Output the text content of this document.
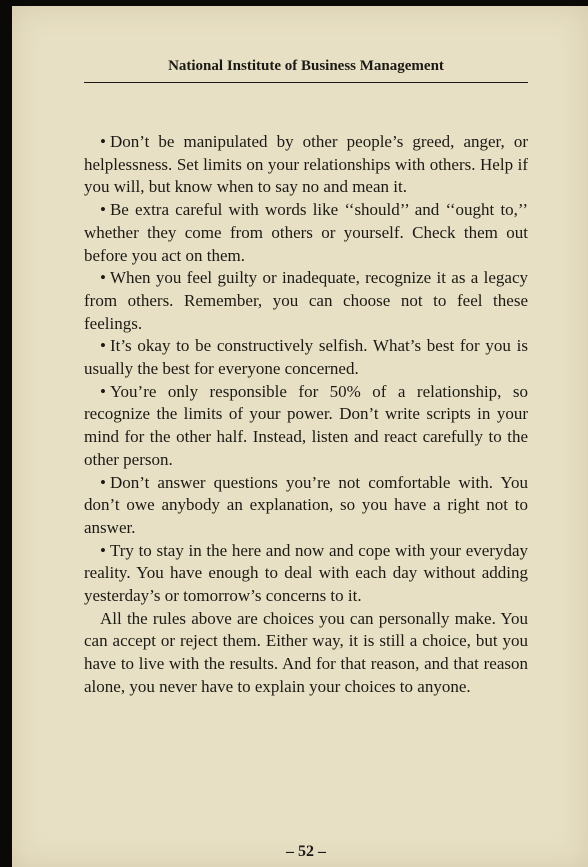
National Institute of Business Management

• Don’t be manipulated by other people’s greed, anger, or helplessness. Set limits on your relationships with others. Help if you will, but know when to say no and mean it.

• Be extra careful with words like ‘‘should’’ and ‘‘ought to,’’ whether they come from others or yourself. Check them out before you act on them.

• When you feel guilty or inadequate, recognize it as a legacy from others. Remember, you can choose not to feel these feelings.

• It’s okay to be constructively selfish. What’s best for you is usually the best for everyone concerned.

• You’re only responsible for 50% of a relationship, so recognize the limits of your power. Don’t write scripts in your mind for the other half. Instead, listen and react carefully to the other person.

• Don’t answer questions you’re not comfortable with. You don’t owe anybody an explanation, so you have a right not to answer.

• Try to stay in the here and now and cope with your everyday reality. You have enough to deal with each day without adding yesterday’s or tomorrow’s concerns to it.

All the rules above are choices you can personally make. You can accept or reject them. Either way, it is still a choice, but you have to live with the results. And for that reason, and that reason alone, you never have to explain your choices to anyone.

– 52 –
